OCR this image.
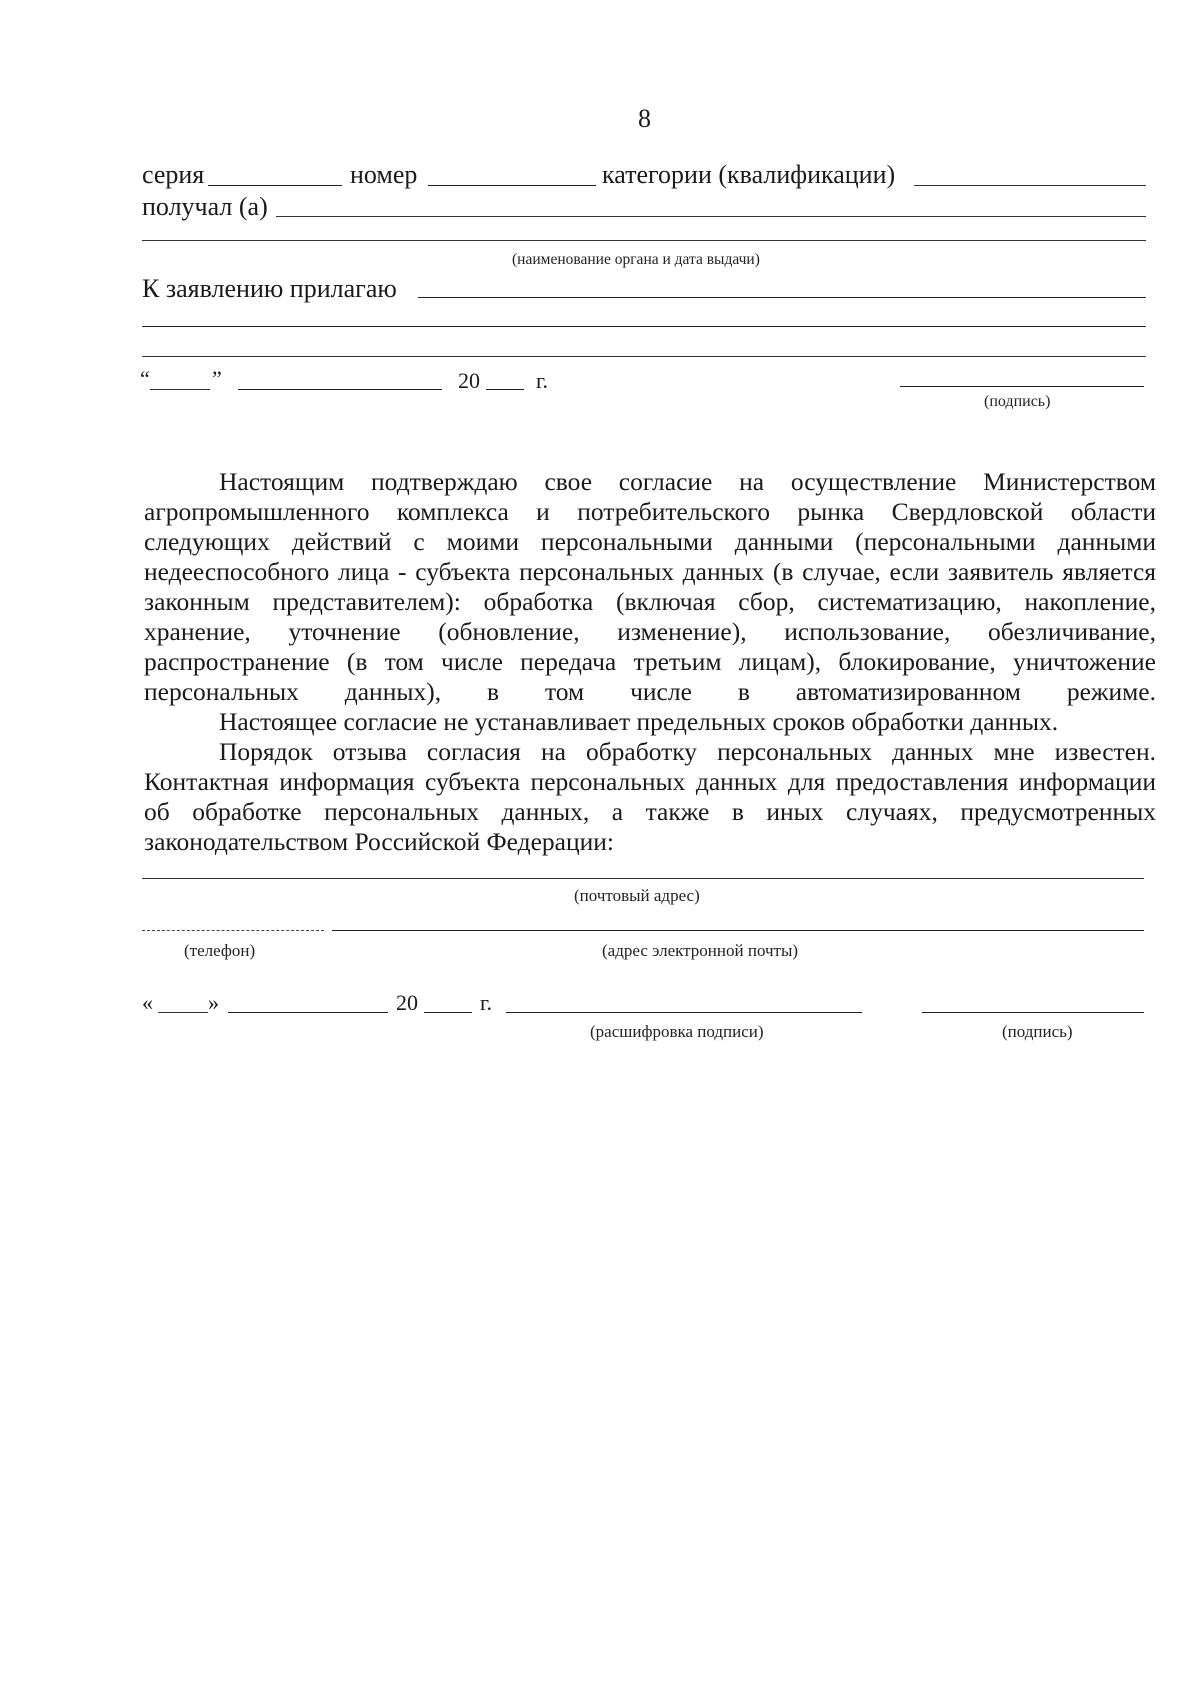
8
серия	номер	категории (квалификации)
получал (а)
(наименование органа и дата выдачи)
К заявлению прилагаю
“	”	20	г.
(подпись)

Настоящим подтверждаю свое согласие на осуществление Министерством агропромышленного комплекса и потребительского рынка Свердловской области следующих действий с моими персональными данными (персональными данными недееспособного лица - субъекта персональных данных (в случае, если заявитель является законным представителем): обработка (включая сбор, систематизацию, накопление, хранение, уточнение (обновление, изменение), использование, обезличивание, распространение (в том числе передача третьим лицам), блокирование, уничтожение персональных данных), в том числе в автоматизированном режиме.

Настоящее согласие не устанавливает предельных сроков обработки данных.

Порядок отзыва согласия на обработку персональных данных мне известен. Контактная информация субъекта персональных данных для предоставления информации об обработке персональных данных, а также в иных случаях, предусмотренных законодательством Российской Федерации:

(почтовый адрес)
(телефон)	(адрес электронной почты)
«	»	20	г.
(расшифровка подписи)	(подпись)
